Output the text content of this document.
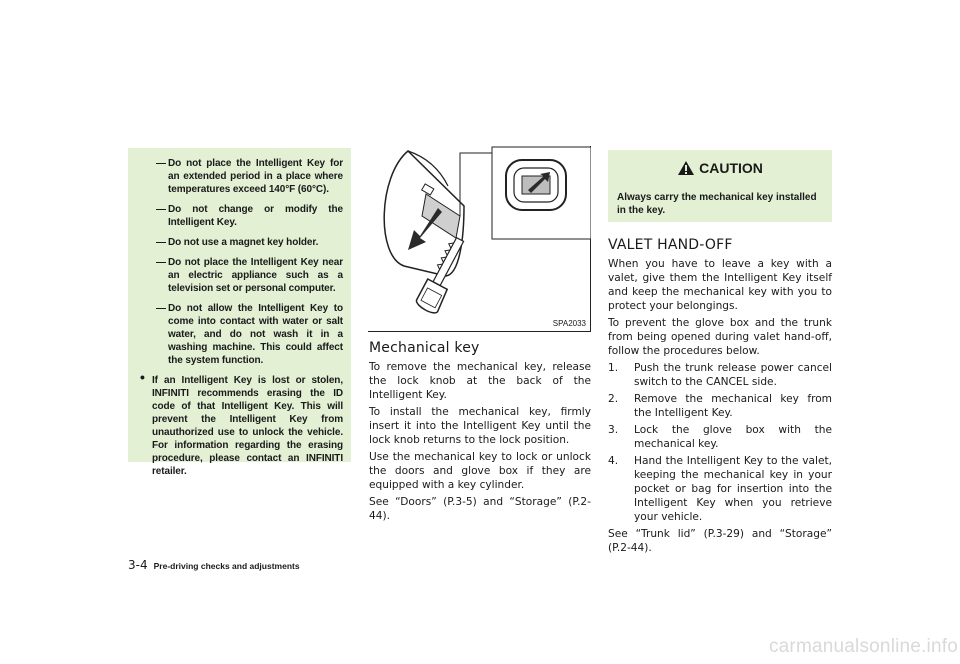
— Do not place the Intelligent Key for an extended period in a place where temperatures exceed 140°F (60°C).
— Do not change or modify the Intelligent Key.
— Do not use a magnet key holder.
— Do not place the Intelligent Key near an electric appliance such as a television set or personal computer.
— Do not allow the Intelligent Key to come into contact with water or salt water, and do not wash it in a washing machine. This could affect the system function.
• If an Intelligent Key is lost or stolen, INFINITI recommends erasing the ID code of that Intelligent Key. This will prevent the Intelligent Key from unauthorized use to unlock the vehicle. For information regarding the erasing procedure, please contact an INFINITI retailer.
SPA2033
Mechanical key

To remove the mechanical key, release the lock knob at the back of the Intelligent Key.

To install the mechanical key, firmly insert it into the Intelligent Key until the lock knob returns to the lock position.

Use the mechanical key to lock or unlock the doors and glove box if they are equipped with a key cylinder.

See “Doors” (P.3-5) and “Storage” (P.2-44).

CAUTION
Always carry the mechanical key installed in the key.
VALET HAND-OFF

When you have to leave a key with a valet, give them the Intelligent Key itself and keep the mechanical key with you to protect your belongings.

To prevent the glove box and the trunk from being opened during valet hand-off, follow the procedures below.

1. Push the trunk release power cancel switch to the CANCEL side.
2. Remove the mechanical key from the Intelligent Key.
3. Lock the glove box with the mechanical key.
4. Hand the Intelligent Key to the valet, keeping the mechanical key in your pocket or bag for insertion into the Intelligent Key when you retrieve your vehicle.

See “Trunk lid” (P.3-29) and “Storage” (P.2-44).

3-4 Pre-driving checks and adjustments
carmanualsonline.info
